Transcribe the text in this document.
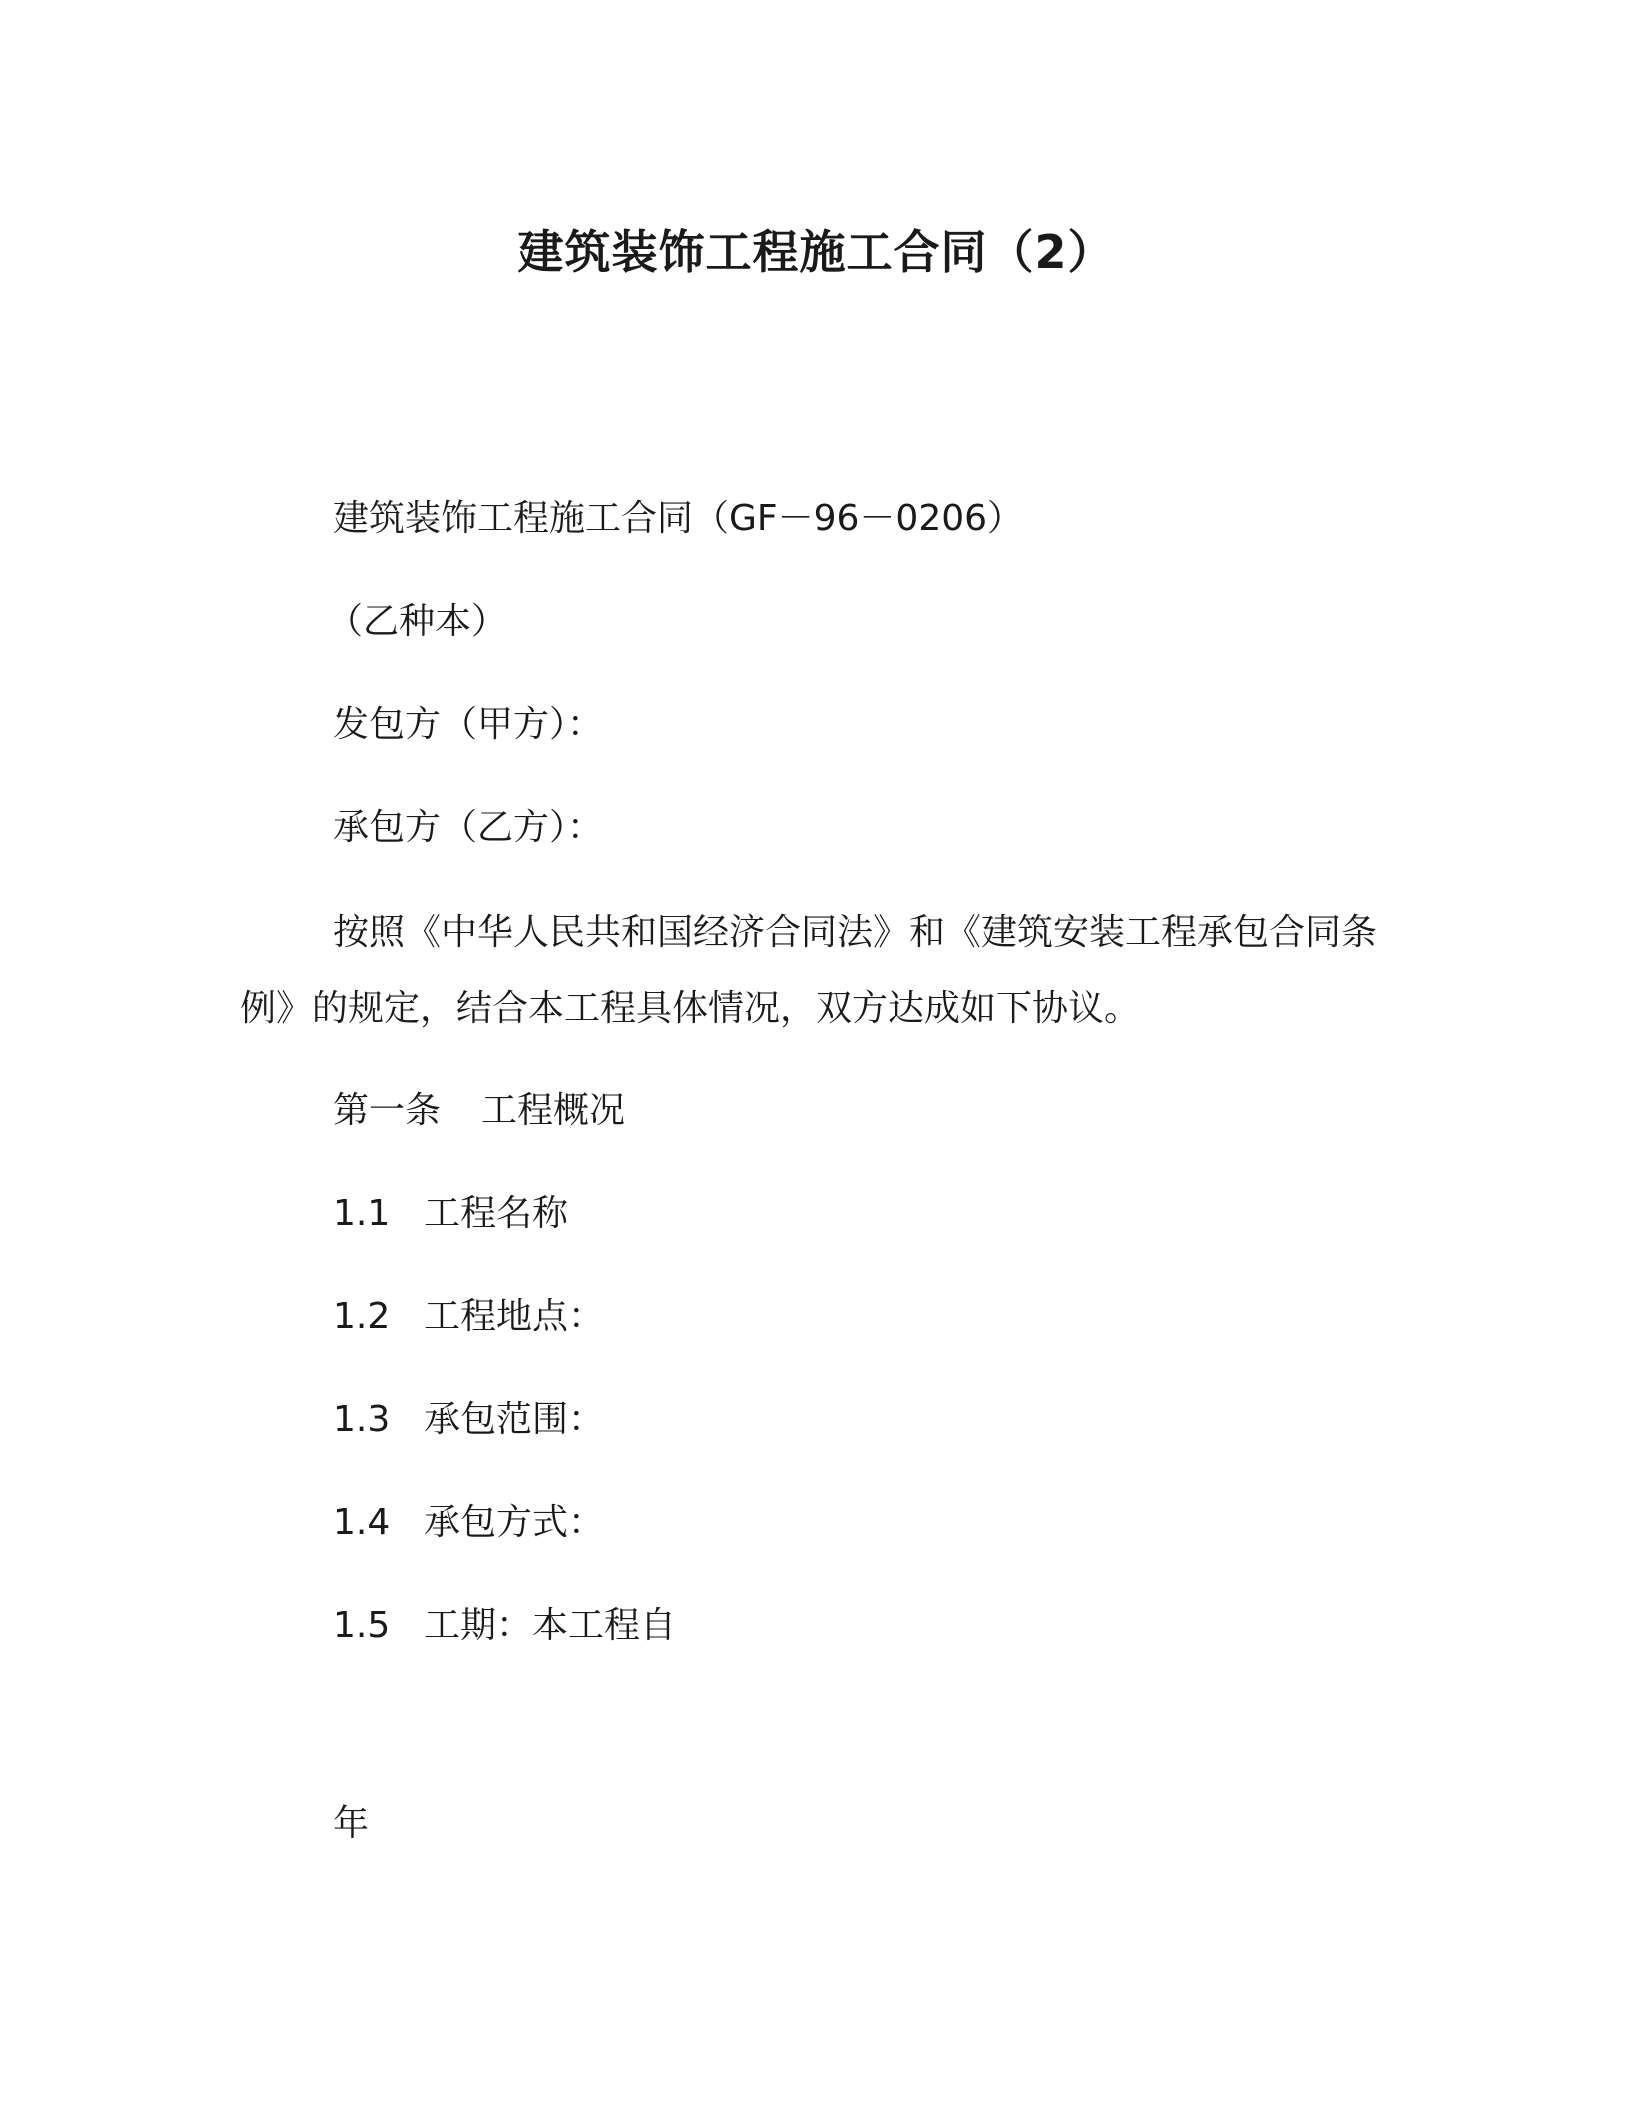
建筑装饰工程施工合同（2）

建筑装饰工程施工合同（GF－96－0206）

（乙种本）

发包方（甲方）：

承包方（乙方）：

按照《中华人民共和国经济合同法》和《建筑安装工程承包合同条例》的规定，结合本工程具体情况，双方达成如下协议。

第一条 工程概况

1.1 工程名称

1.2 工程地点：

1.3 承包范围：

1.4 承包方式：

1.5 工期：本工程自

年
